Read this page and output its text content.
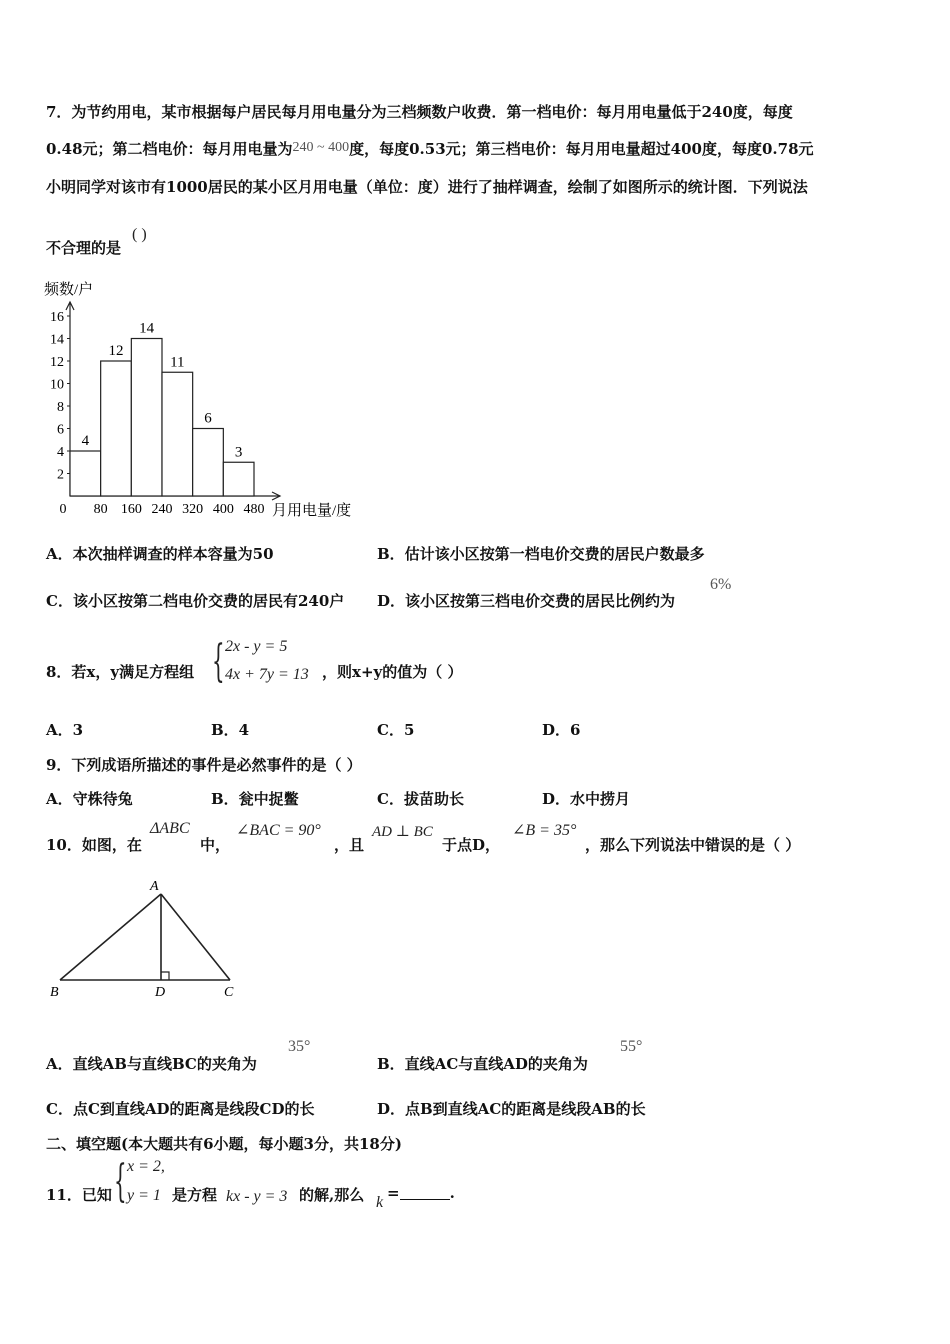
7．为节约用电，某市根据每户居民每月用电量分为三档频数户收费．第一档电价：每月用电量低于240度，每度
0.48元；第二档电价：每月用电量为240 ~ 400度，每度0.53元；第三档电价：每月用电量超过400度，每度0.78元
小明同学对该市有1000居民的某小区月用电量（单位：度）进行了抽样调查，绘制了如图所示的统计图．下列说法
不合理的是
( )
2
4
6
8
10
12
14
16
0 80 160 240 320 400 480
4
12
14
11
6
3
频数/户
月用电量/度
A．本次抽样调查的样本容量为50	B．估计该小区按第一档电价交费的居民户数最多
C．该小区按第二档电价交费的居民有240户 D．该小区按第三档电价交费的居民比例约为
6%
8．若x，y满足方程组 { 2x - y = 5
4x + 7y = 13 ，则x+y的值为（ ）
A．3	B．4	C．5	D．6
9．下列成语所描述的事件是必然事件的是（ ）
A．守株待兔	B．瓮中捉鳖	C．拔苗助长	D．水中捞月
10．如图，在
ΔABC
中，
∠BAC = 90°
，且
AD ⊥ BC
于点D，
∠B = 35°
，那么下列说法中错误的是（ ）
A
B	D	C
A．直线AB与直线BC的夹角为
35°
B．直线AC与直线AD的夹角为
55°
C．点C到直线AD的距离是线段CD的长	D．点B到直线AC的距离是线段AB的长
二、填空题(本大题共有6小题，每小题3分，共18分)
11．已知 { x = 2,
y = 1 是方程 kx - y = 3 的解,那么 k
=	.
